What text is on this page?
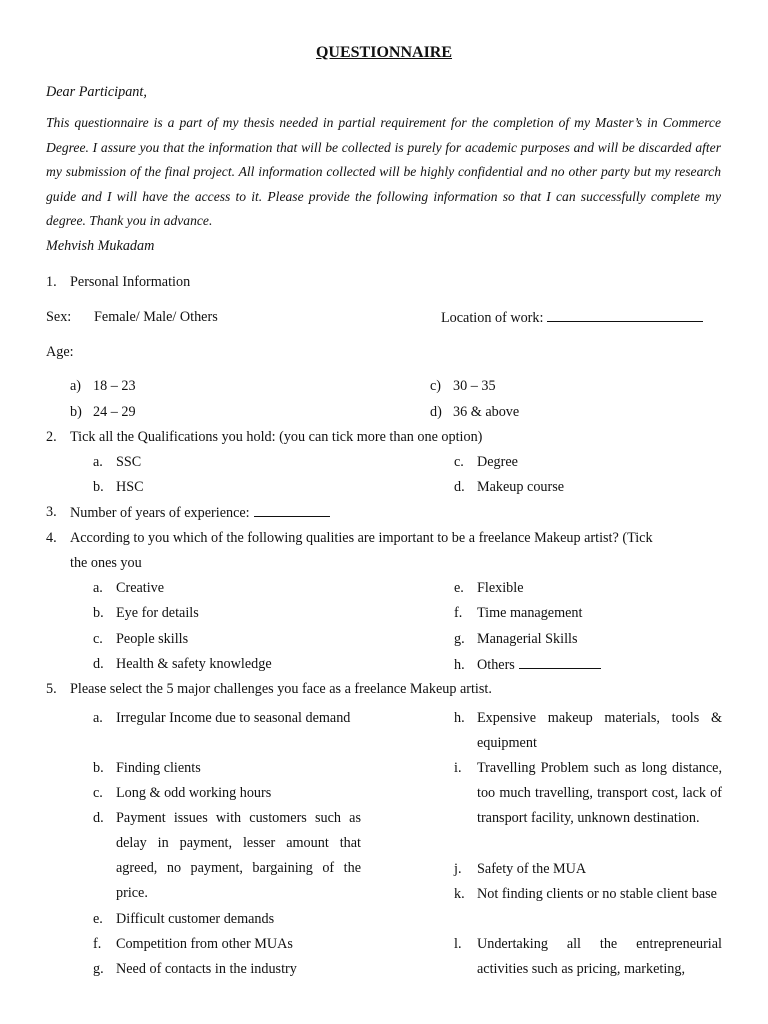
QUESTIONNAIRE
Dear Participant,
This questionnaire is a part of my thesis needed in partial requirement for the completion of my Master’s in Commerce Degree. I assure you that the information that will be collected is purely for academic purposes and will be discarded after my submission of the final project. All information collected will be highly confidential and no other party but my research guide and I will have the access to it. Please provide the following information so that I can successfully complete my degree. Thank you in advance.
Mehvish Mukadam
1. Personal Information
Sex: Female/ Male/ Others	Location of work:
Age:
a) 18 – 23
b) 24 – 29
c) 30 – 35
d) 36 & above
2. Tick all the Qualifications you hold: (you can tick more than one option)
a. SSC
b. HSC
c. Degree
d. Makeup course
3. Number of years of experience:
4. According to you which of the following qualities are important to be a freelance Makeup artist? (Tick
the ones you
a. Creative
b. Eye for details
c. People skills
d. Health & safety knowledge
e. Flexible
f. Time management
g. Managerial Skills
h. Others
5. Please select the 5 major challenges you face as a freelance Makeup artist.
a. Irregular Income due to seasonal demand
b. Finding clients
c. Long & odd working hours
d. Payment issues with customers such as delay in payment, lesser amount that agreed, no payment, bargaining of the price.
e. Difficult customer demands
f.	Competition from other MUAs
g. Need of contacts in the industry
h. Expensive makeup materials, tools & equipment
i.	Travelling Problem such as long distance, too much travelling, transport cost, lack of transport facility, unknown destination.
j.	Safety of the MUA
k. Not finding clients or no stable client base
l.	Undertaking all the entrepreneurial activities such as pricing, marketing,
